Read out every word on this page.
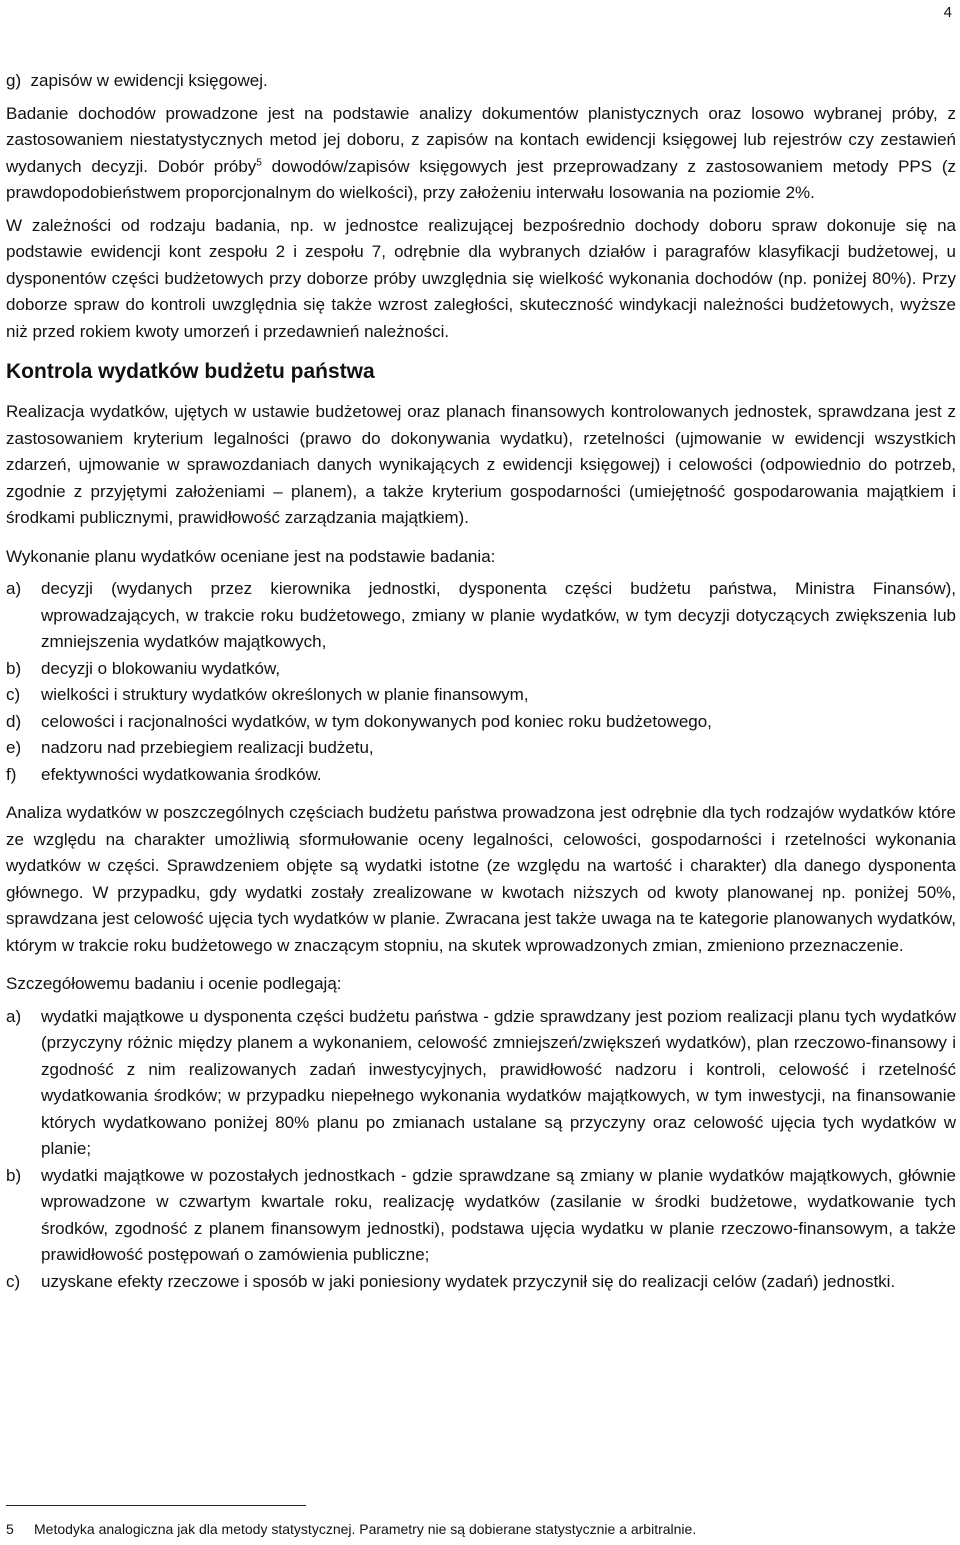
4

g)  zapisów w ewidencji księgowej.

Badanie dochodów prowadzone jest na podstawie analizy dokumentów planistycznych oraz losowo wybranej próby, z zastosowaniem niestatystycznych metod jej doboru, z zapisów na kontach ewidencji księgowej lub rejestrów czy zestawień wydanych decyzji. Dobór próby$^5$ dowodów/zapisów księgowych jest przeprowadzany z zastosowaniem metody PPS (z prawdopodobieństwem proporcjonalnym do wielkości), przy założeniu interwału losowania na poziomie 2%.

W zależności od rodzaju badania, np. w jednostce realizującej bezpośrednio dochody doboru spraw dokonuje się na podstawie ewidencji kont zespołu 2 i zespołu 7, odrębnie dla wybranych działów i paragrafów klasyfikacji budżetowej, u dysponentów części budżetowych przy doborze próby uwzględnia się wielkość wykonania dochodów (np. poniżej 80%). Przy doborze spraw do kontroli uwzględnia się także wzrost zaległości, skuteczność windykacji należności budżetowych, wyższe niż przed rokiem kwoty umorzeń i przedawnień należności.

Kontrola wydatków budżetu państwa

Realizacja wydatków, ujętych w ustawie budżetowej oraz planach finansowych kontrolowanych jednostek, sprawdzana jest z zastosowaniem kryterium legalności (prawo do dokonywania wydatku), rzetelności (ujmowanie w ewidencji wszystkich zdarzeń, ujmowanie w sprawozdaniach danych wynikających z ewidencji księgowej) i celowości (odpowiednio do potrzeb, zgodnie z przyjętymi założeniami – planem), a także kryterium gospodarności (umiejętność gospodarowania majątkiem i środkami publicznymi, prawidłowość zarządzania majątkiem).

Wykonanie planu wydatków oceniane jest na podstawie badania:

a) decyzji (wydanych przez kierownika jednostki, dysponenta części budżetu państwa, Ministra Finansów), wprowadzających, w trakcie roku budżetowego, zmiany w planie wydatków, w tym decyzji dotyczących zwiększenia lub zmniejszenia wydatków majątkowych,
b) decyzji o blokowaniu wydatków,
c) wielkości i struktury wydatków określonych w planie finansowym,
d) celowości i racjonalności wydatków, w tym dokonywanych pod koniec roku budżetowego,
e) nadzoru nad przebiegiem realizacji budżetu,
f) efektywności wydatkowania środków.

Analiza wydatków w poszczególnych częściach budżetu państwa prowadzona jest odrębnie dla tych rodzajów wydatków które ze względu na charakter umożliwią sformułowanie oceny legalności, celowości, gospodarności i rzetelności wykonania wydatków w części. Sprawdzeniem objęte są wydatki istotne (ze względu na wartość i charakter) dla danego dysponenta głównego. W przypadku, gdy wydatki zostały zrealizowane w kwotach niższych od kwoty planowanej np. poniżej 50%, sprawdzana jest celowość ujęcia tych wydatków w planie. Zwracana jest także uwaga na te kategorie planowanych wydatków, którym w trakcie roku budżetowego w znaczącym stopniu, na skutek wprowadzonych zmian, zmieniono przeznaczenie.

Szczegółowemu badaniu i ocenie podlegają:

a) wydatki majątkowe u dysponenta części budżetu państwa - gdzie sprawdzany jest poziom realizacji planu tych wydatków (przyczyny różnic między planem a wykonaniem, celowość zmniejszeń/zwiększeń wydatków), plan rzeczowo-finansowy i zgodność z nim realizowanych zadań inwestycyjnych, prawidłowość nadzoru i kontroli, celowość i rzetelność wydatkowania środków; w przypadku niepełnego wykonania wydatków majątkowych, w tym inwestycji, na finansowanie których wydatkowano poniżej 80% planu po zmianach ustalane są przyczyny oraz celowość ujęcia tych wydatków w planie;
b) wydatki majątkowe w pozostałych jednostkach - gdzie sprawdzane są zmiany w planie wydatków majątkowych, głównie wprowadzone w czwartym kwartale roku, realizację wydatków (zasilanie w środki budżetowe, wydatkowanie tych środków, zgodność z planem finansowym jednostki), podstawa ujęcia wydatku w planie rzeczowo-finansowym, a także prawidłowość postępowań o zamówienia publiczne;
c) uzyskane efekty rzeczowe i sposób w jaki poniesiony wydatek przyczynił się do realizacji celów (zadań) jednostki.
5 Metodyka analogiczna jak dla metody statystycznej. Parametry nie są dobierane statystycznie a arbitralnie.
